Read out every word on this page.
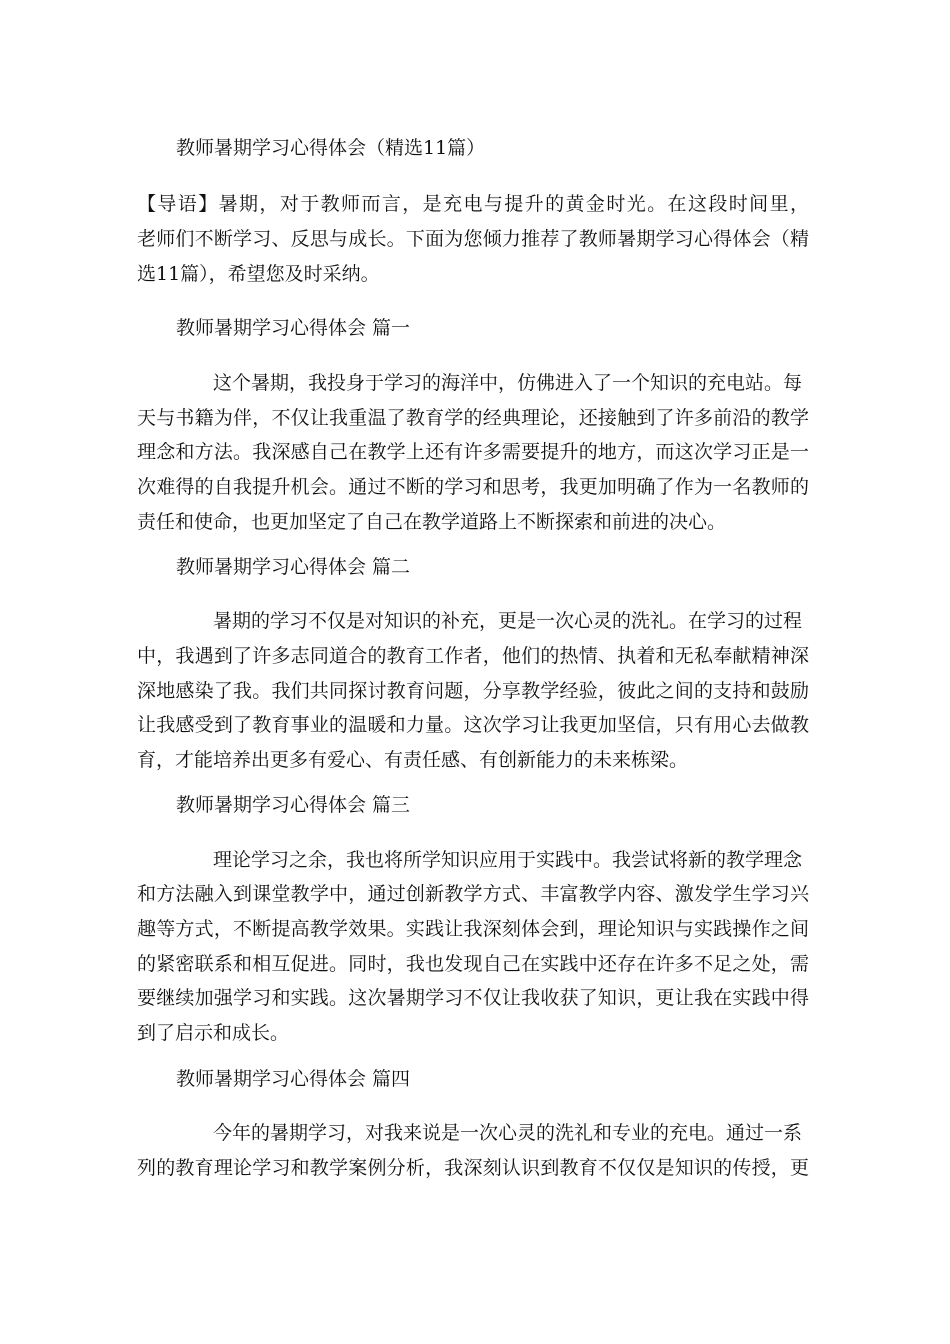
教师暑期学习心得体会（精选11篇）
【导语】暑期，对于教师而言，是充电与提升的黄金时光。在这段时间里，
老师们不断学习、反思与成长。下面为您倾力推荐了教师暑期学习心得体会（精
选11篇），希望您及时采纳。
教师暑期学习心得体会 篇一
这个暑期，我投身于学习的海洋中，仿佛进入了一个知识的充电站。每
天与书籍为伴，不仅让我重温了教育学的经典理论，还接触到了许多前沿的教学
理念和方法。我深感自己在教学上还有许多需要提升的地方，而这次学习正是一
次难得的自我提升机会。通过不断的学习和思考，我更加明确了作为一名教师的
责任和使命，也更加坚定了自己在教学道路上不断探索和前进的决心。
教师暑期学习心得体会 篇二
暑期的学习不仅是对知识的补充，更是一次心灵的洗礼。在学习的过程
中，我遇到了许多志同道合的教育工作者，他们的热情、执着和无私奉献精神深
深地感染了我。我们共同探讨教育问题，分享教学经验，彼此之间的支持和鼓励
让我感受到了教育事业的温暖和力量。这次学习让我更加坚信，只有用心去做教
育，才能培养出更多有爱心、有责任感、有创新能力的未来栋梁。
教师暑期学习心得体会 篇三
理论学习之余，我也将所学知识应用于实践中。我尝试将新的教学理念
和方法融入到课堂教学中，通过创新教学方式、丰富教学内容、激发学生学习兴
趣等方式，不断提高教学效果。实践让我深刻体会到，理论知识与实践操作之间
的紧密联系和相互促进。同时，我也发现自己在实践中还存在许多不足之处，需
要继续加强学习和实践。这次暑期学习不仅让我收获了知识，更让我在实践中得
到了启示和成长。
教师暑期学习心得体会 篇四
今年的暑期学习，对我来说是一次心灵的洗礼和专业的充电。通过一系
列的教育理论学习和教学案例分析，我深刻认识到教育不仅仅是知识的传授，更
